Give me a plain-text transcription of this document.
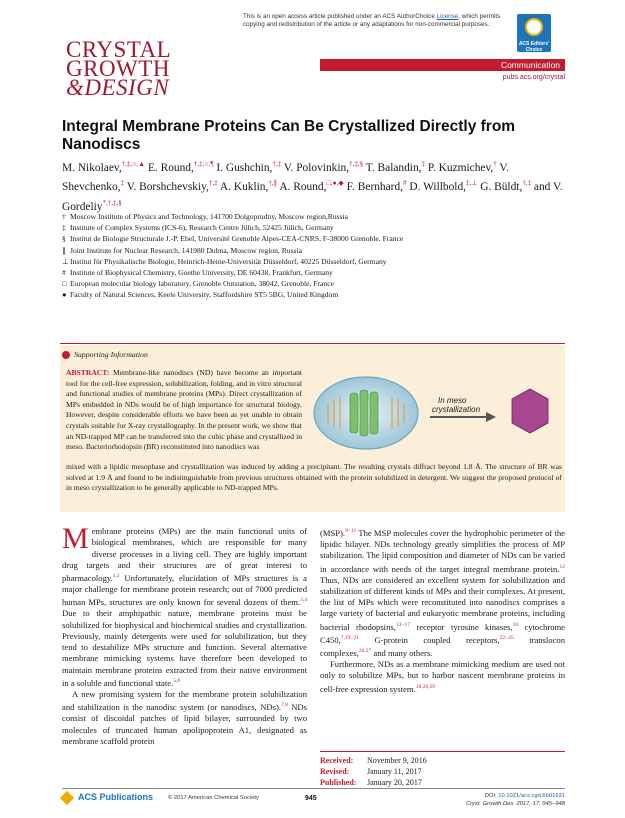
This is an open access article published under an ACS AuthorChoice License, which permits copying and redistribution of the article or any adaptations for non-commercial purposes.
ACS Editors' Choice
CRYSTAL
GROWTH
&DESIGN
Communication
pubs.acs.org/crystal
Integral Membrane Proteins Can Be Crystallized Directly from Nanodiscs
M. Nikolaev,†,‡,○,▲ E. Round,†,‡,○,¶ I. Gushchin,†,‡ V. Polovinkin,†,‡,§ T. Balandin,‡ P. Kuzmichev,† V. Shevchenko,‡ V. Borshchevskiy,†,‡ A. Kuklin,†,∥ A. Round,□,●,◆ F. Bernhard,# D. Willbold,‡,⊥ G. Büldt,†,‡ and V. Gordeliy*,†,‡,§
† Moscow Institute of Physics and Technology, 141700 Dolgoprudny, Moscow region,Russia
‡ Institute of Complex Systems (ICS-6), Research Centre Jülich, 52425 Jülich, Germany
§ Institut de Biologie Structurale J.-P. Ebel, Université Grenoble Alpes-CEA-CNRS, F-38000 Grenoble, France
∥ Joint Institute for Nuclear Research, 141980 Dubna, Moscow region, Russia
⊥Institut für Physikalische Biologie, Heinrich-Heine-Universität Düsseldorf, 40225 Düsseldorf, Germany
# Institute of Biophysical Chemistry, Goethe University, DE 60438, Frankfurt, Germany
□ European molecular biology laboratory, Grenoble Outstation, 38042, Grenoble, France
● Faculty of Natural Sciences, Keele University, Staffordshire ST5 5BG, United Kingdom
Supporting Information
ABSTRACT: Membrane-like nanodiscs (ND) have become an important tool for the cell-free expression, solubilization, folding, and in vitro structural and functional studies of membrane proteins (MPs). Direct crystallization of MPs embedded in NDs would be of high importance for structural biology. However, despite considerable efforts we have been as yet unable to obtain crystals suitable for X-ray crystallography. In the present work, we show that an ND-trapped MP can be transferred into the cubic phase and crystallized in meso. Bacteriorhodopsin (BR) reconstituted into nanodiscs was
In meso
crystallization
mixed with a lipidic mesophase and crystallization was induced by adding a precipitant. The resulting crystals diffract beyond 1.8 Å. The structure of BR was solved at 1.9 Å and found to be indistinguishable from previous structures obtained with the protein solubilized in detergent. We suggest the proposed protocol of in meso crystallization to be generally applicable to ND-trapped MPs.
Membrane proteins (MPs) are the main functional units of biological membranes, which are responsible for many diverse processes in a living cell. They are highly important drug targets and their structures are of great interest to pharmacology.$^{1,2}$ Unfortunately, elucidation of MPs structures is a major challenge for membrane protein research; out of 7000 predicted human MPs, structures are only known for several dozens of them.$^{3,4}$ Due to their amphipathic nature, membrane proteins must be solubilized for biophysical and biochemical studies and crystallization. Previously, mainly detergents were used for solubilization, but they tend to destabilize MPs structure and function. Several alternative membrane mimicking systems have therefore been developed to maintain membrane proteins extracted from their native environment in a soluble and functional state.$^{5,6}$
A new promising system for the membrane protein solubilization and stabilization is the nanodisc system (or nanodiscs, NDs).$^{7,8}$ NDs consist of discoidal patches of lipid bilayer, surrounded by two molecules of truncated human apolipoprotein A1, designated as membrane scaffold protein
(MSP).$^{9-11}$ The MSP molecules cover the hydrophobic perimeter of the lipidic bilayer. NDs technology greatly simplifies the process of MP stabilization. The lipid composition and diameter of NDs can be varied in accordance with needs of the target integral membrane protein.$^{12}$ Thus, NDs are considered an excellent system for solubilization and stabilization of different kinds of MPs and their complexes. At present, the list of MPs which were reconstituted into nanodiscs comprises a large variety of bacterial and eukaryotic membrane proteins, including bacterial rhodopsins,$^{13-17}$ receptor tyrosine kinases,$^{18}$ cytochrome C450,$^{7,19-21}$ G-protein coupled receptors,$^{22-25}$ translocon complexes,$^{26,27}$ and many others.
Furthermore, NDs as a membrane mimicking medium are used not only to solubilize MPs, but to harbor nascent membrane proteins in cell-free expression system.$^{18,28,29}$
Received: November 9, 2016
Revised: January 11, 2017
Published: January 20, 2017
ACS Publications	© 2017 American Chemical Society	945	DOI: 10.1021/acs.cgd.6b01631
Cryst. Growth Des. 2017, 17, 945−948
